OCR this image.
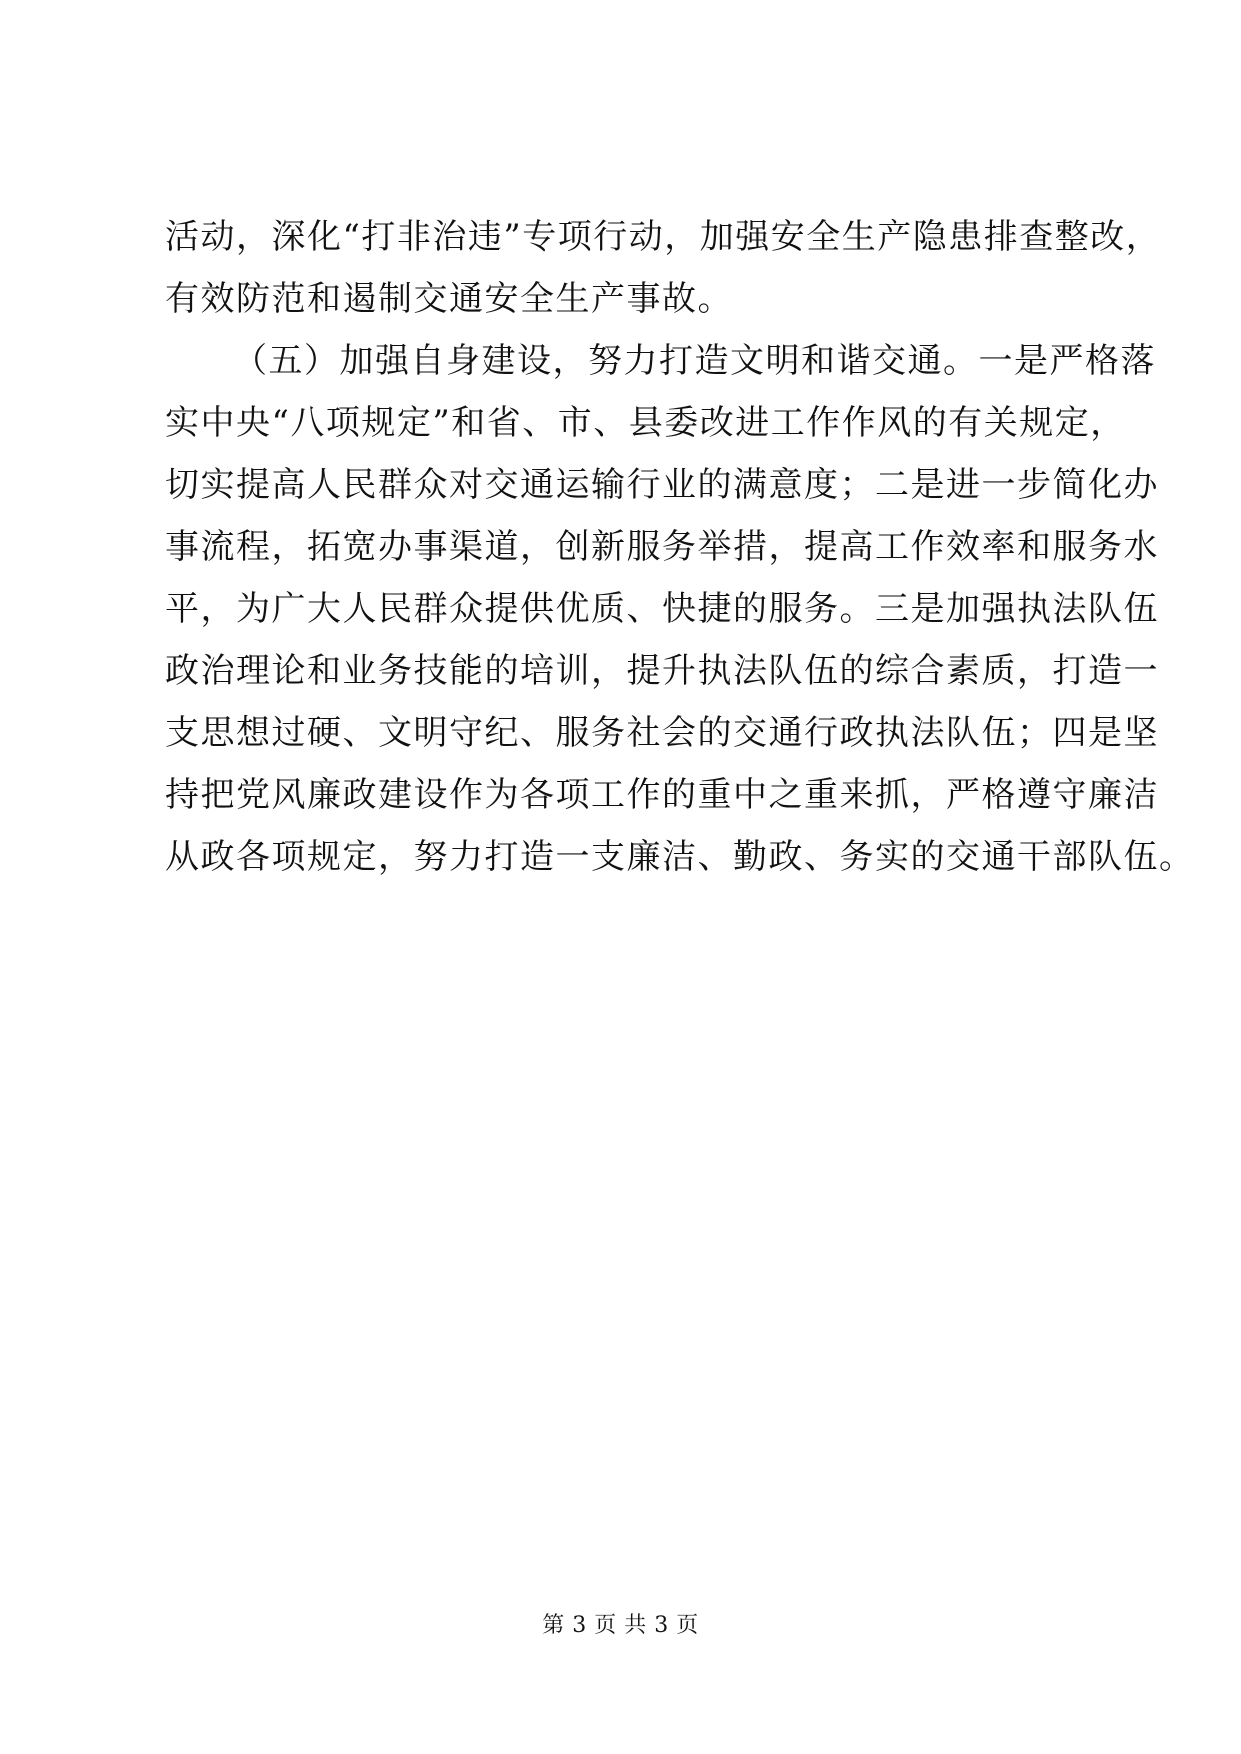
活动，深化“打非治违”专项行动，加强安全生产隐患排查整改，
有效防范和遏制交通安全生产事故。
（五）加强自身建设，努力打造文明和谐交通。一是严格落
实中央“八项规定”和省、市、县委改进工作作风的有关规定，
切实提高人民群众对交通运输行业的满意度；二是进一步简化办
事流程，拓宽办事渠道，创新服务举措，提高工作效率和服务水
平，为广大人民群众提供优质、快捷的服务。三是加强执法队伍
政治理论和业务技能的培训，提升执法队伍的综合素质，打造一
支思想过硬、文明守纪、服务社会的交通行政执法队伍；四是坚
持把党风廉政建设作为各项工作的重中之重来抓，严格遵守廉洁
从政各项规定，努力打造一支廉洁、勤政、务实的交通干部队伍。
第 3 页 共 3 页
